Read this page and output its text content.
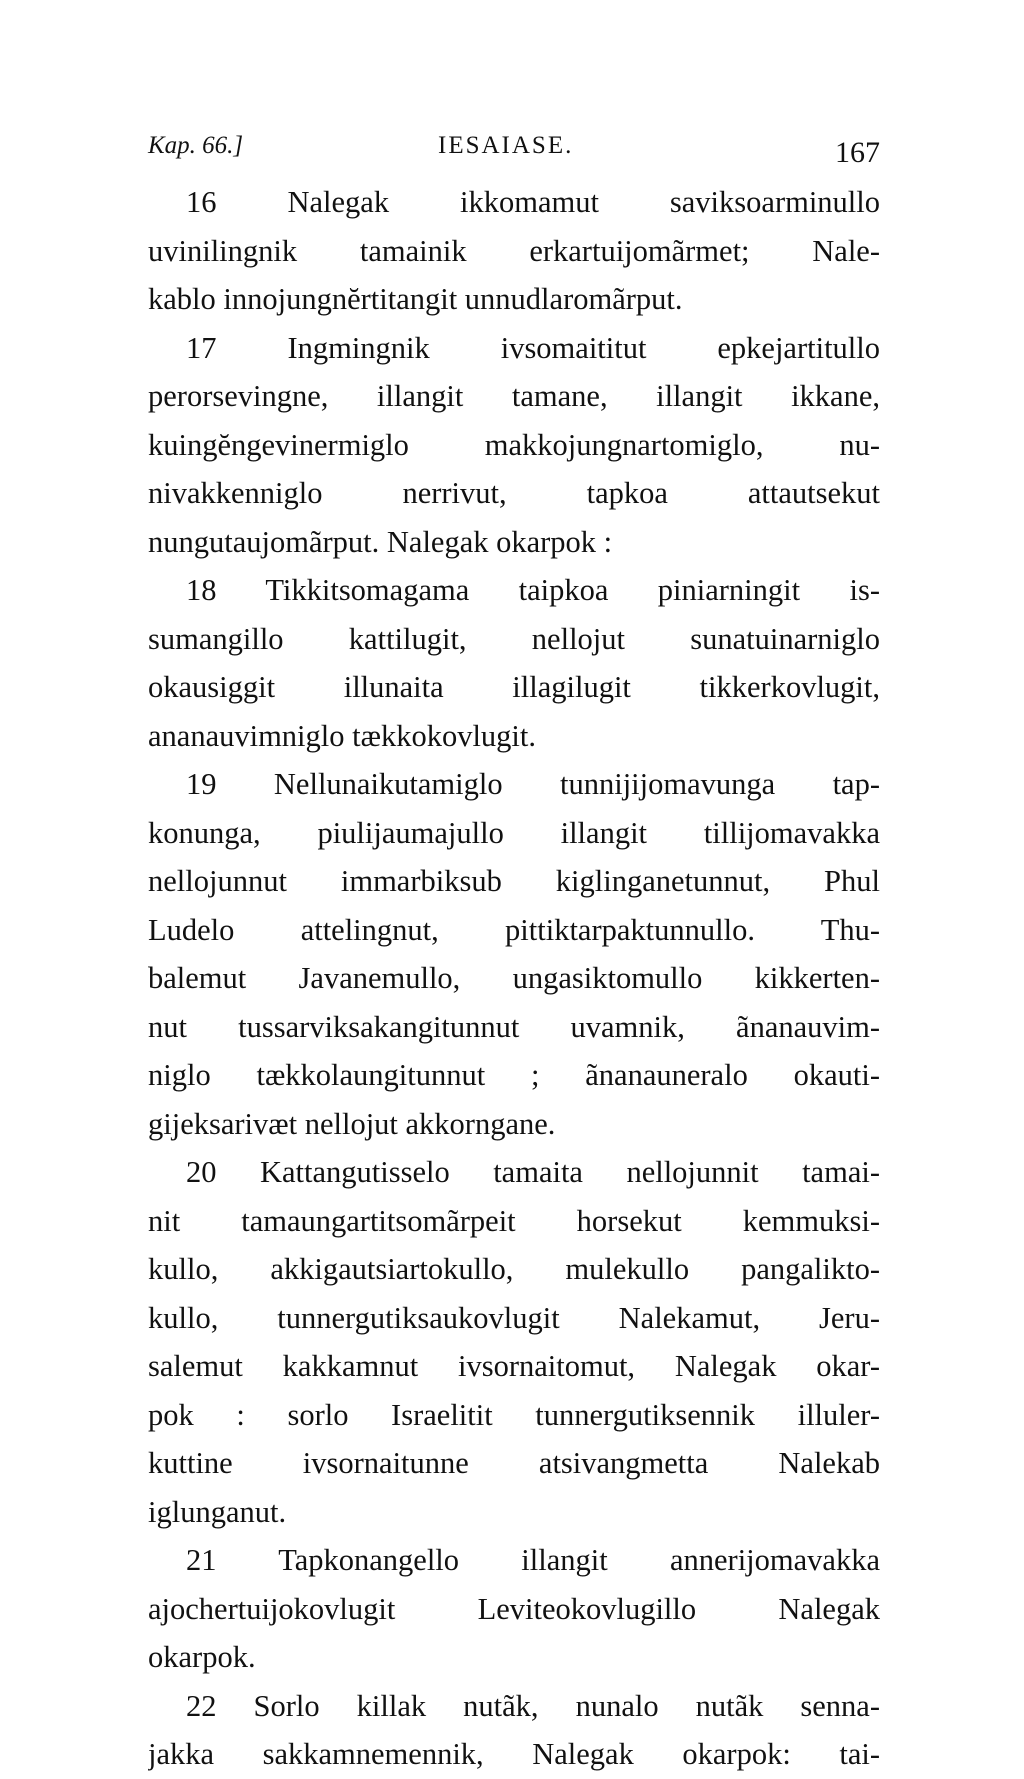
Kap. 66.]	IESAIASE.	167
16 Nalegak ikkomamut saviksoarminullo
uvinilingnik tamainik erkartuijomãrmet; Nale-
kablo innojungnĕrtitangit unnudlaromãrput.
17 Ingmingnik ivsomaititut epkejartitullo
perorsevingne, illangit tamane, illangit ikkane,
kuingĕngevinermiglo makkojungnartomiglo, nu-
nivakkenniglo nerrivut, tapkoa attautsekut
nungutaujomãrput. Nalegak okarpok :
18 Tikkitsomagama taipkoa piniarningit is-
sumangillo kattilugit, nellojut sunatuinarniglo
okausiggit illunaita illagilugit tikkerkovlugit,
ananauvimniglo tækkokovlugit.
19 Nellunaikutamiglo tunnijijomavunga tap-
konunga, piulijaumajullo illangit tillijomavakka
nellojunnut immarbiksub kiglinganetunnut, Phul
Ludelo attelingnut, pittiktarpaktunnullo. Thu-
balemut Javanemullo, ungasiktomullo kikkerten-
nut tussarviksakangitunnut uvamnik, ãnanauvim-
niglo tækkolaungitunnut ; ãnanauneralo okauti-
gijeksarivæt nellojut akkorngane.
20 Kattangutisselo tamaita nellojunnit tamai-
nit tamaungartitsomãrpeit horsekut kemmuksi-
kullo, akkigautsiartokullo, mulekullo pangalikto-
kullo, tunnergutiksaukovlugit Nalekamut, Jeru-
salemut kakkamnut ivsornaitomut, Nalegak okar-
pok : sorlo Israelitit tunnergutiksennik illuler-
kuttine ivsornaitunne atsivangmetta Nalekab
iglunganut.
21 Tapkonangello illangit annerijomavakka
ajochertuijokovlugit Leviteokovlugillo Nalegak
okarpok.
22 Sorlo killak nutãk, nunalo nutãk senna-
jakka sakkamnemennik, Nalegak okarpok: tai-
